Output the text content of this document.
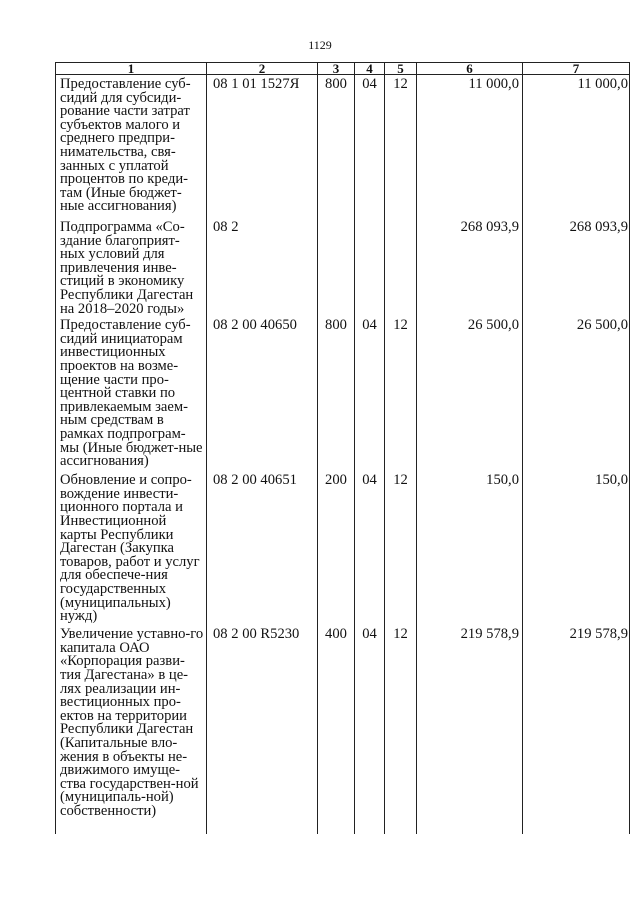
1129
1	2	3	4	5	6	7
Предоставление суб-сидий для субсиди-рование части затрат субъектов малого и среднего предпри-нимательства, свя-занных с уплатой процентов по креди-там (Иные бюджет-ные ассигнования)	08 1 01 1527Я	800	04	12	11 000,0	11 000,0
Подпрограмма «Со-здание благоприят-ных условий для привлечения инве-стиций в экономику Республики Дагестан на 2018–2020 годы»	08 2				268 093,9	268 093,9
Предоставление суб-сидий инициаторам инвестиционных проектов на возме-щение части про-центной ставки по привлекаемым заем-ным средствам в рамках подпрограм-мы (Иные бюджет-ные ассигнования)	08 2 00 40650	800	04	12	26 500,0	26 500,0
Обновление и сопро-вождение инвести-ционного портала и Инвестиционной карты Республики Дагестан (Закупка товаров, работ и услуг для обеспече-ния государственных (муниципальных) нужд)	08 2 00 40651	200	04	12	150,0	150,0
Увеличение уставно-го капитала ОАО «Корпорация разви-тия Дагестана» в це-лях реализации ин-вестиционных про-ектов на территории Республики Дагестан (Капитальные вло-жения в объекты не-движимого имуще-ства государствен-ной (муниципаль-ной) собственности)	08 2 00 R5230	400	04	12	219 578,9	219 578,9
